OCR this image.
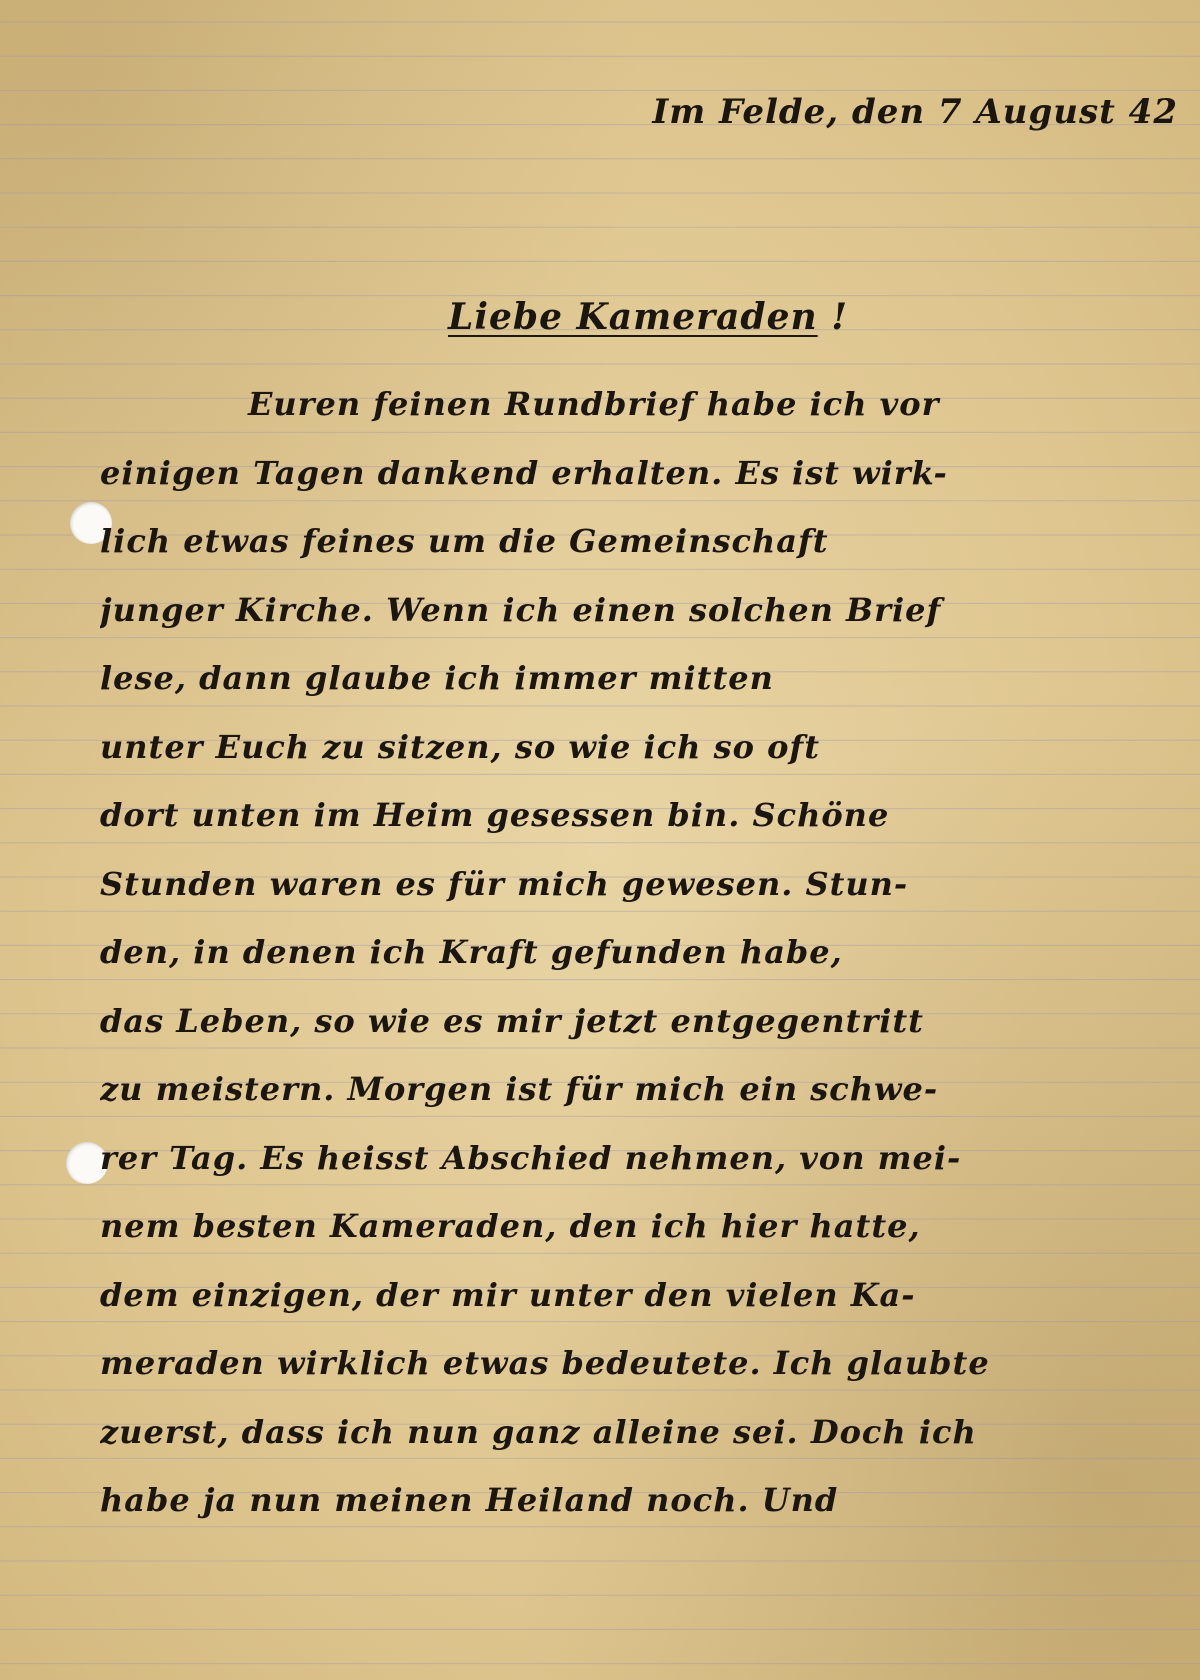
Im Felde, den 7 August 42
Liebe Kameraden !
Euren feinen Rundbrief habe ich vor
einigen Tagen dankend erhalten. Es ist wirk-
lich etwas feines um die Gemeinschaft
junger Kirche. Wenn ich einen solchen Brief
lese, dann glaube ich immer mitten
unter Euch zu sitzen, so wie ich so oft
dort unten im Heim gesessen bin. Schöne
Stunden waren es für mich gewesen. Stun-
den, in denen ich Kraft gefunden habe,
das Leben, so wie es mir jetzt entgegentritt
zu meistern. Morgen ist für mich ein schwe-
rer Tag. Es heisst Abschied nehmen, von mei-
nem besten Kameraden, den ich hier hatte,
dem einzigen, der mir unter den vielen Ka-
meraden wirklich etwas bedeutete. Ich glaubte
zuerst, dass ich nun ganz alleine sei. Doch ich
habe ja nun meinen Heiland noch. Und
